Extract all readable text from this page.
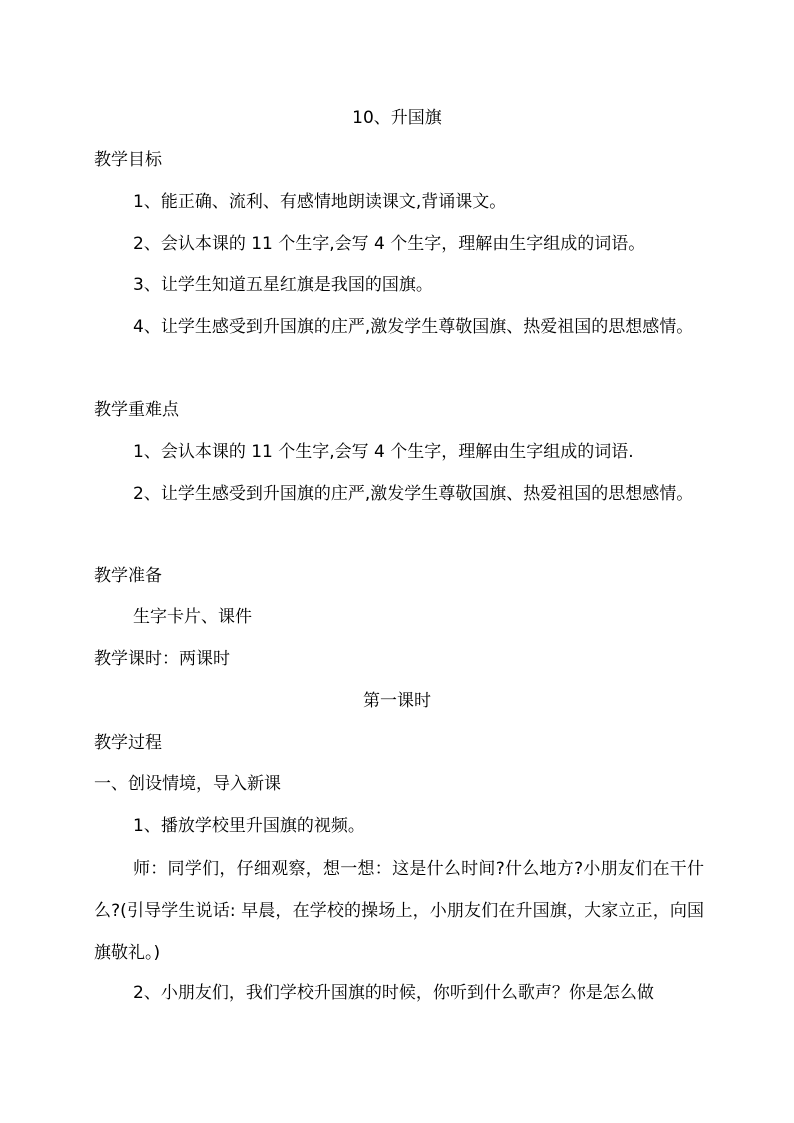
10、升国旗
教学目标
1、能正确、流利、有感情地朗读课文,背诵课文。
2、会认本课的 11 个生字,会写 4 个生字，理解由生字组成的词语。
3、让学生知道五星红旗是我国的国旗。
4、让学生感受到升国旗的庄严,激发学生尊敬国旗、热爱祖国的思想感情。
教学重难点
1、会认本课的 11 个生字,会写 4 个生字，理解由生字组成的词语.
2、让学生感受到升国旗的庄严,激发学生尊敬国旗、热爱祖国的思想感情。
教学准备
生字卡片、课件
教学课时：两课时
第一课时
教学过程
一、创设情境，导入新课
1、播放学校里升国旗的视频。
师：同学们，仔细观察，想一想：这是什么时间?什么地方?小朋友们在干什么?(引导学生说话: 早晨，在学校的操场上，小朋友们在升国旗，大家立正，向国旗敬礼。)
2、小朋友们，我们学校升国旗的时候，你听到什么歌声？你是怎么做
